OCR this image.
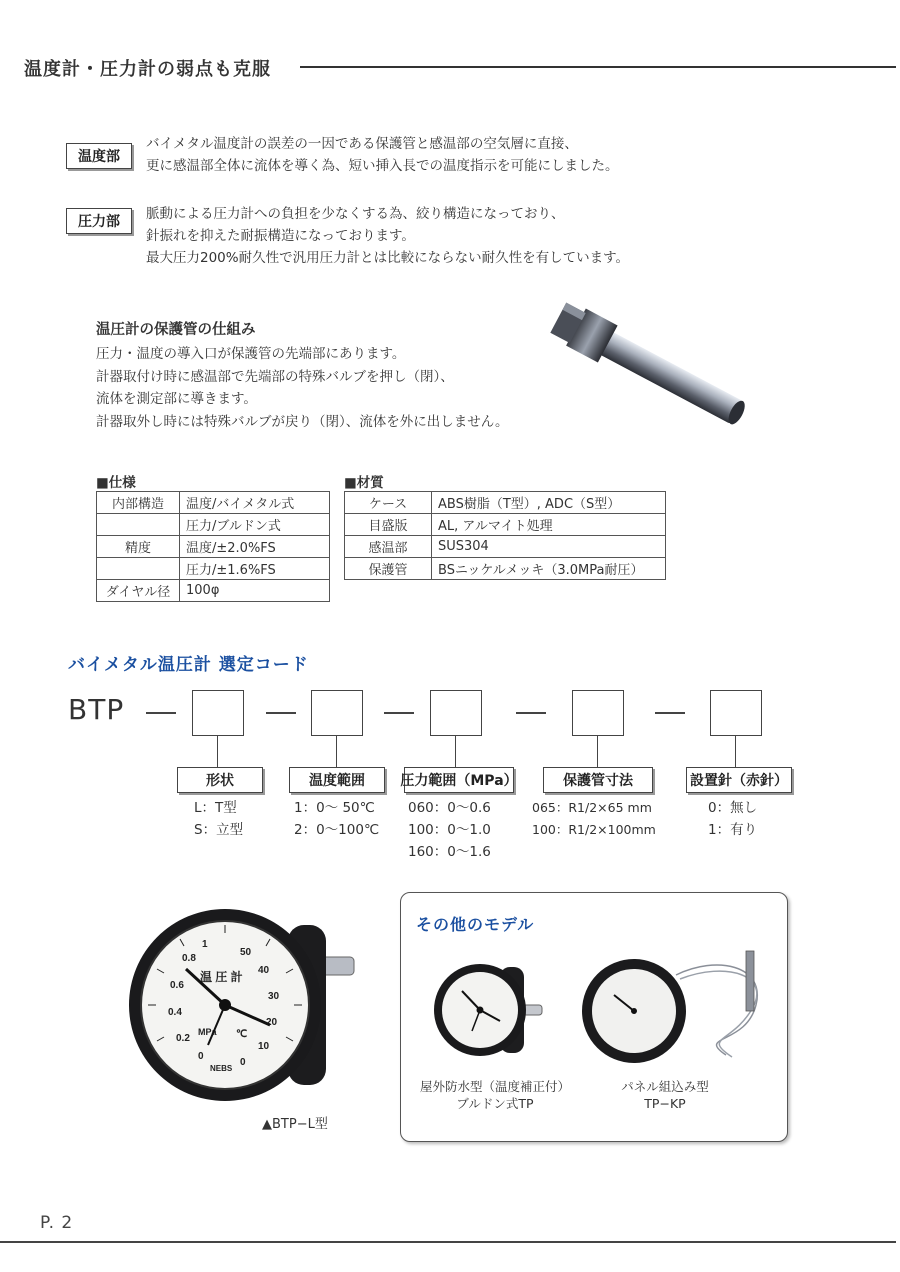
温度計・圧力計の弱点も克服
温度部
バイメタル温度計の誤差の一因である保護管と感温部の空気層に直接、
更に感温部全体に流体を導く為、短い挿入長での温度指示を可能にしました。
圧力部	脈動による圧力計への負担を少なくする為、絞り構造になっており、
針振れを抑えた耐振構造になっております。
最大圧力200%耐久性で汎用圧力計とは比較にならない耐久性を有しています。
温圧計の保護管の仕組み
圧力・温度の導入口が保護管の先端部にあります。
計器取付け時に感温部で先端部の特殊バルブを押し（閉）、
流体を測定部に導きます。
計器取外し時には特殊バルブが戻り（閉）、流体を外に出しません。
■仕様
内部構造	温度/バイメタル式
	圧力/ブルドン式
精度	温度/±2.0%FS
	圧力/±1.6%FS
ダイヤル径	100φ
■材質
ケース	ABS樹脂（T型）, ADC（S型）
目盛版	AL, アルマイト処理
感温部	SUS304
保護管	BSニッケルメッキ（3.0MPa耐圧）
バイメタル温圧計 選定コード
BTP
形状	温度範囲	圧力範囲（MPa）	保護管寸法	設置針（赤針）
L：T型
S：立型
1：0～ 50℃
2：0～100℃
060：0～0.6
100：0～1.0
160：0～1.6
065：R1/2×65 mm
100：R1/2×100mm
0：無し
1：有り
1
0.8
0.6
0.4
0.2
0
50
40
30
20
10
0
温 圧 計
MPa ℃
NEBS
▲BTP−L型
その他のモデル
屋外防水型（温度補正付）
ブルドン式TP
パネル組込み型
TP−KP
P. 2
